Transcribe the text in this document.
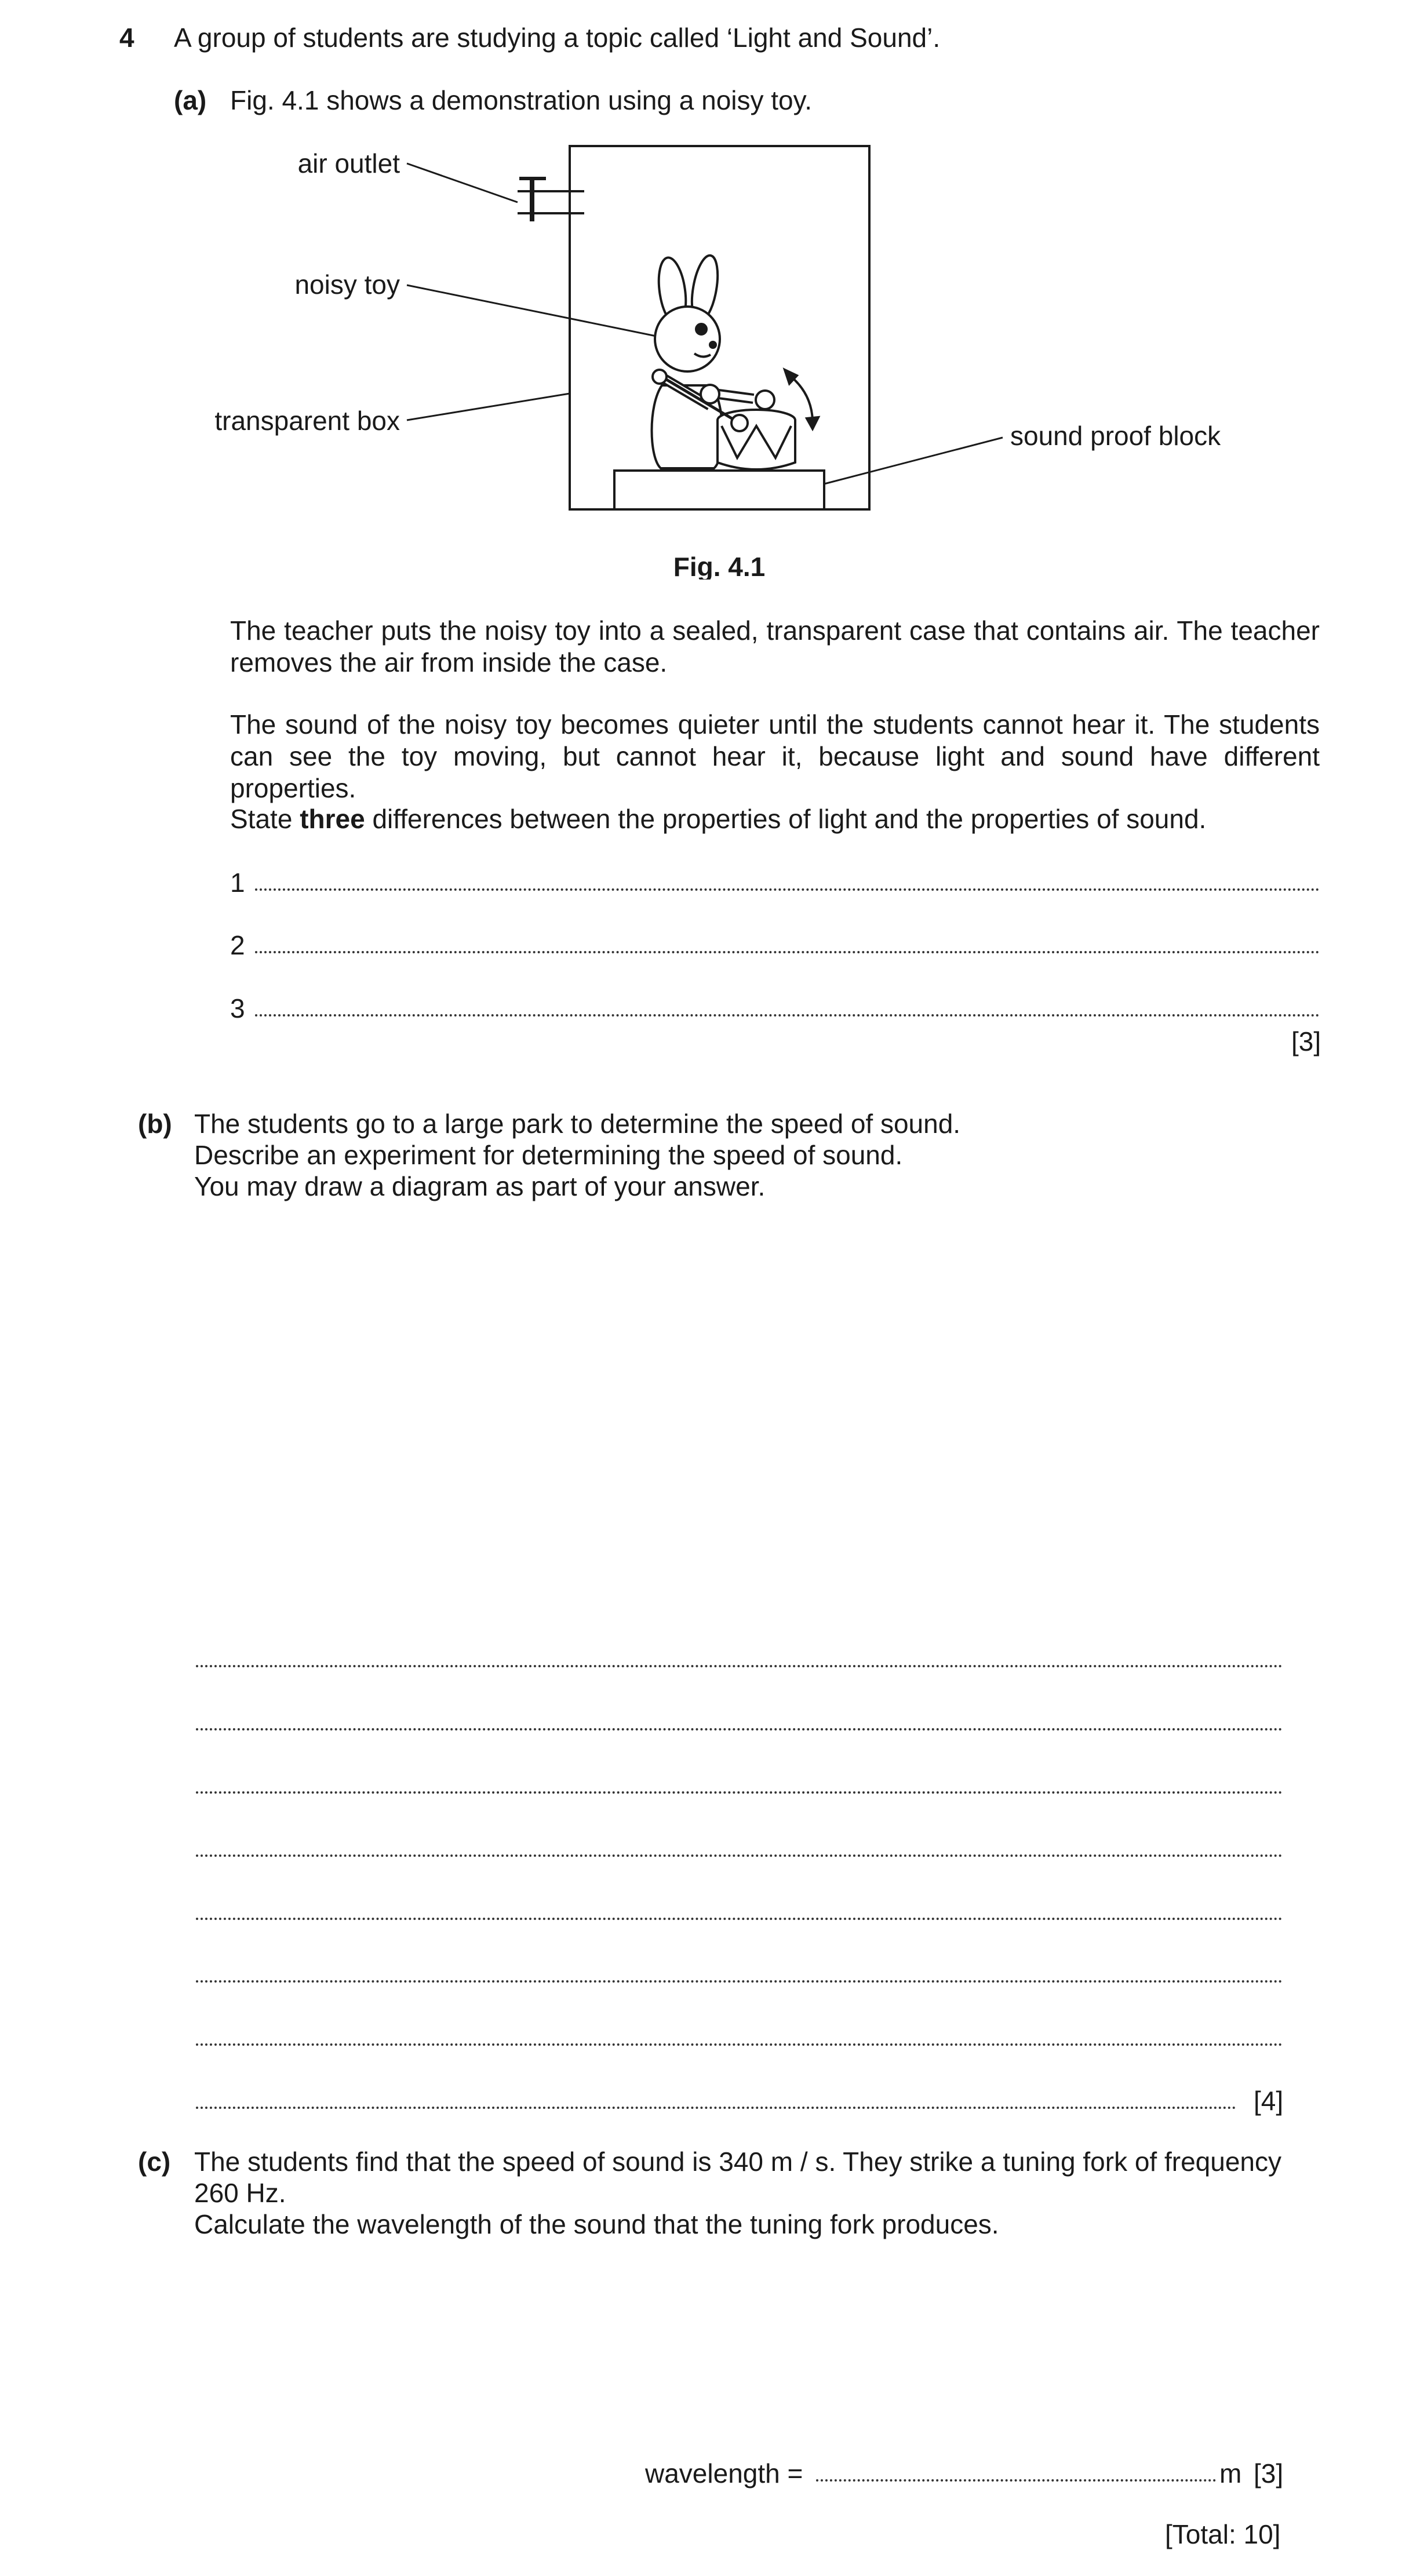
4 A group of students are studying a topic called ‘Light and Sound’.
(a) Fig. 4.1 shows a demonstration using a noisy toy.
air outlet
noisy toy
transparent box	sound proof block
Fig. 4.1
The teacher puts the noisy toy into a sealed, transparent case that contains air. The teacher removes the air from inside the case.
The sound of the noisy toy becomes quieter until the students cannot hear it. The students can see the toy moving, but cannot hear it, because light and sound have different properties.
State three differences between the properties of light and the properties of sound.
1
2
3
[3]
(b) The students go to a large park to determine the speed of sound.
Describe an experiment for determining the speed of sound.
You may draw a diagram as part of your answer.
[4]
(c) The students find that the speed of sound is 340 m / s. They strike a tuning fork of frequency
260 Hz.
Calculate the wavelength of the sound that the tuning fork produces.
wavelength =	m [3]
[Total: 10]
